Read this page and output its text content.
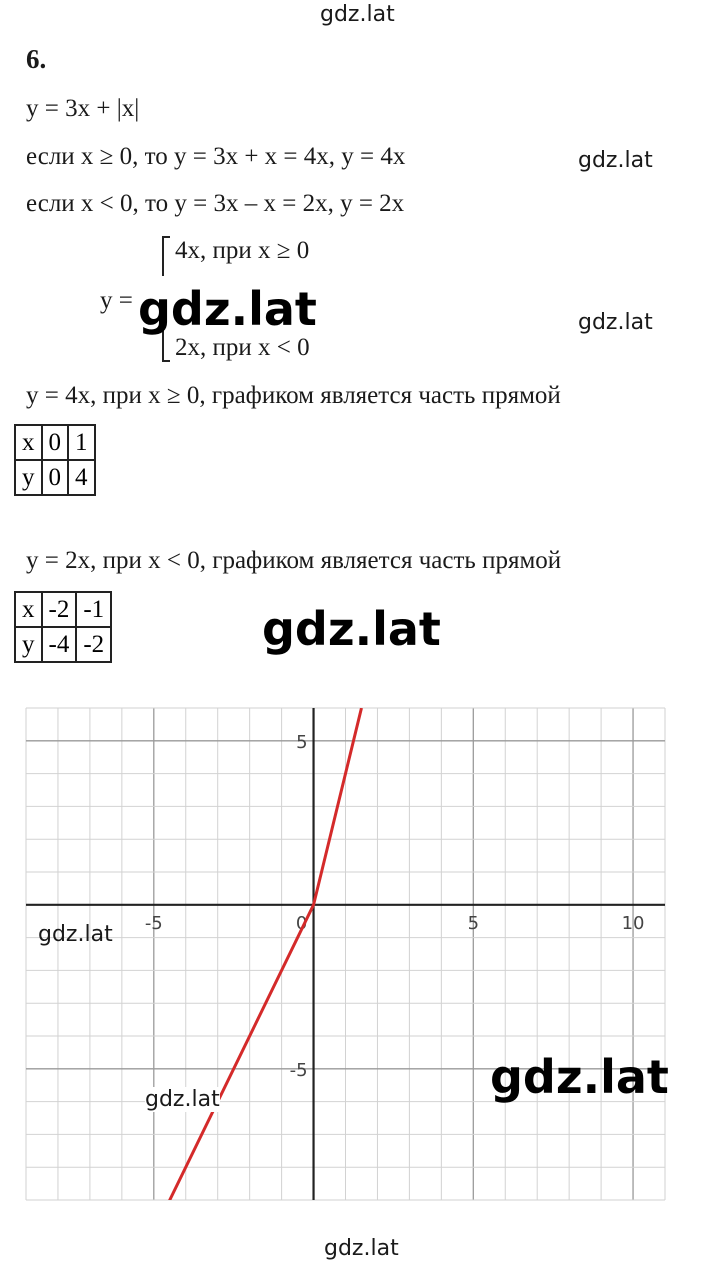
gdz.lat
6.
y = 3x + |x|
если x ≥ 0, то y = 3x + x = 4x, y = 4x	gdz.lat
если x < 0, то y = 3x – x = 2x, y = 2x
4x, при x ≥ 0
y = gdz.lat	gdz.lat
2x, при x < 0
y = 4x, при x ≥ 0, графиком является часть прямой
x	0	1
y	0	4
y = 2x, при x < 0, графиком является часть прямой
x	-2	-1
y	-4	-2	gdz.lat
-5	0	5	10
5
-5
gdz.lat
gdz.lat
gdz.lat
gdz.lat
